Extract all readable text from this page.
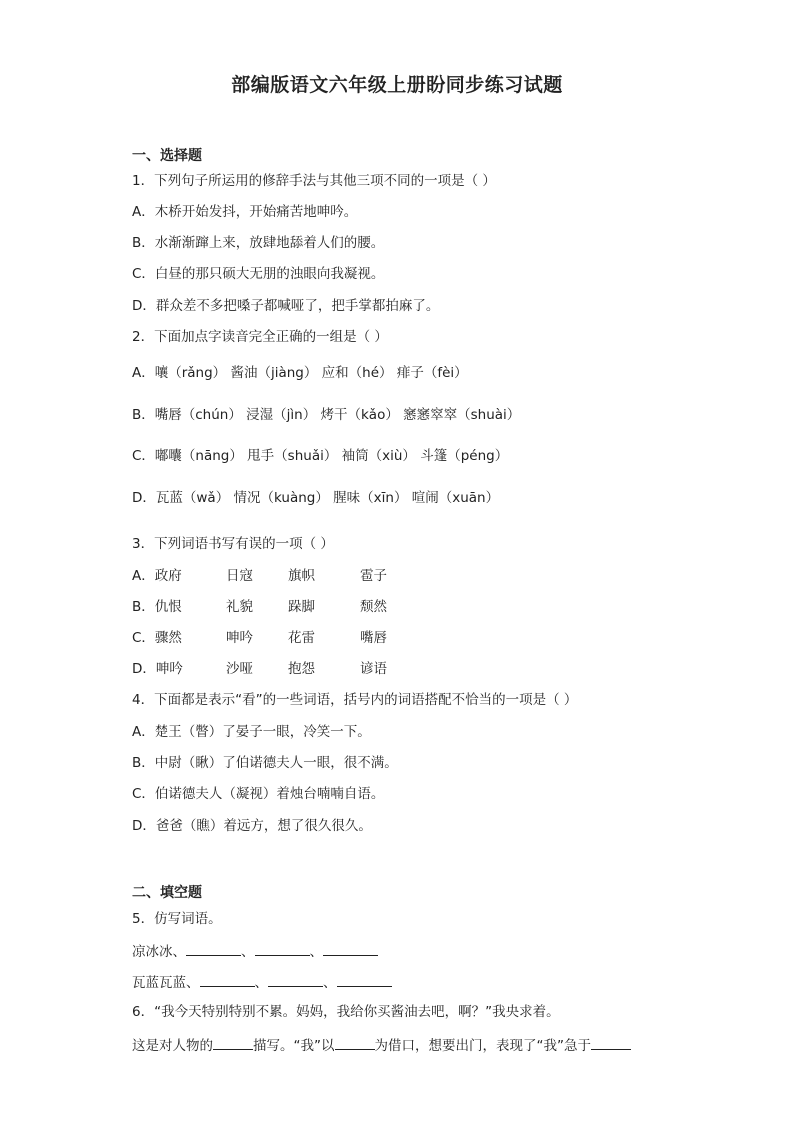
部编版语文六年级上册盼同步练习试题
一、选择题
1．下列句子所运用的修辞手法与其他三项不同的一项是（ ）
A．木桥开始发抖，开始痛苦地呻吟。
B．水渐渐蹿上来，放肆地舔着人们的腰。
C．白昼的那只硕大无朋的浊眼向我凝视。
D．群众差不多把嗓子都喊哑了，把手掌都拍麻了。
2．下面加点字读音完全正确的一组是（ ）
A．嚷（rǎng） 酱油（jiàng） 应和（hé） 痱子（fèi）
B．嘴唇（chún） 浸湿（jìn） 烤干（kǎo） 窸窸窣窣（shuài）
C．嘟囔（nāng） 甩手（shuǎi） 袖筒（xiù） 斗篷（péng）
D．瓦蓝（wǎ） 情况（kuàng） 腥味（xīn） 喧闹（xuān）
3．下列词语书写有误的一项（ ）
A．政府	日寇	旗帜	雹子
B．仇恨	礼貌	跺脚	颓然
C．骤然	呻吟	花雷	嘴唇
D．呻吟	沙哑	抱怨	谚语
4．下面都是表示“看”的一些词语，括号内的词语搭配不恰当的一项是（ ）
A．楚王（瞥）了晏子一眼，冷笑一下。
B．中尉（瞅）了伯诺德夫人一眼，很不满。
C．伯诺德夫人（凝视）着烛台喃喃自语。
D．爸爸（瞧）着远方，想了很久很久。
二、填空题
5．仿写词语。
凉冰冰、	、	、
瓦蓝瓦蓝、	、	、
6．“我今天特别特别不累。妈妈，我给你买酱油去吧，啊？”我央求着。
这是对人物的	描写。“我”以	为借口，想要出门，表现了“我”急于
